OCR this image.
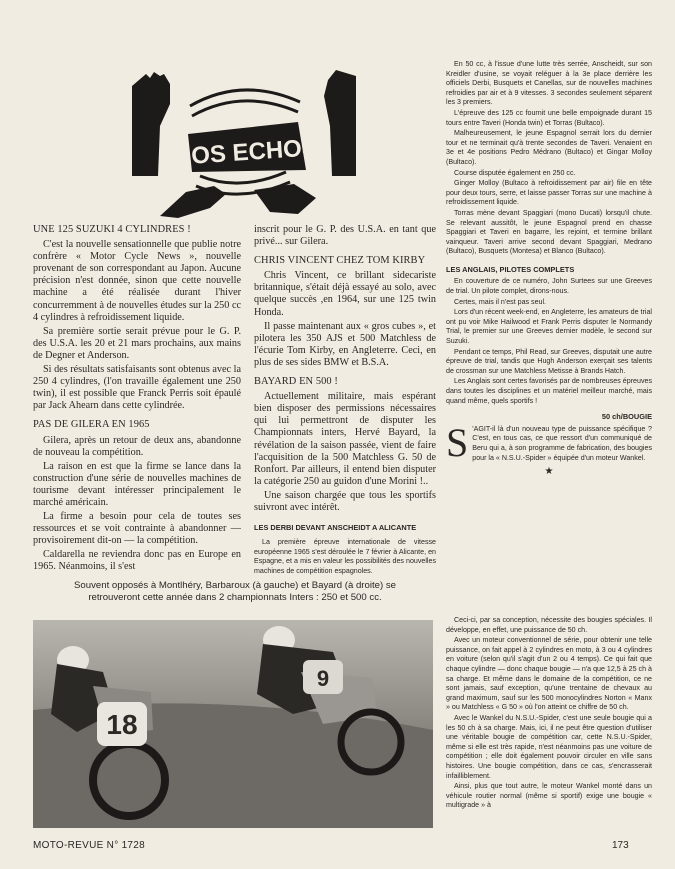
NOS ECHOS
UNE 125 SUZUKI 4 CYLINDRES !

C'est la nouvelle sensationnelle que publie notre confrère « Motor Cycle News », nouvelle provenant de son correspondant au Japon. Aucune précision n'est donnée, sinon que cette nouvelle machine a été réalisée durant l'hiver concurremment à de nouvelles études sur la 250 cc 4 cylindres à refroidissement liquide.

Sa première sortie serait prévue pour le G. P. des U.S.A. les 20 et 21 mars prochains, aux mains de Degner et Anderson.

Si des résultats satisfaisants sont obtenus avec la 250 4 cylindres, (l'on travaille également une 250 twin), il est possible que Franck Perris soit épaulé par Jack Ahearn dans cette cylindrée.

PAS DE GILERA EN 1965

Gilera, après un retour de deux ans, abandonne de nouveau la compétition.

La raison en est que la firme se lance dans la construction d'une série de nouvelles machines de tourisme devant intéresser principalement le marché américain.

La firme a besoin pour cela de toutes ses ressources et se voit contrainte à abandonner — provisoirement dit-on — la compétition.

Caldarella ne reviendra donc pas en Europe en 1965. Néanmoins, il s'est

inscrit pour le G. P. des U.S.A. en tant que privé... sur Gilera.

CHRIS VINCENT CHEZ TOM KIRBY

Chris Vincent, ce brillant sidecariste britannique, s'était déjà essayé au solo, avec quelque succès ,en 1964, sur une 125 twin Honda.

Il passe maintenant aux « gros cubes », et pilotera les 350 AJS et 500 Matchless de l'écurie Tom Kirby, en Angleterre. Ceci, en plus de ses sides BMW et B.S.A.

BAYARD EN 500 !

Actuellement militaire, mais espérant bien disposer des permissions nécessaires qui lui permettront de disputer les Championnats inters, Hervé Bayard, la révélation de la saison passée, vient de faire l'acquisition de la 500 Matchless G. 50 de Ronfort. Par ailleurs, il entend bien disputer la catégorie 250 au guidon d'une Morini !..

Une saison chargée que tous les sportifs suivront avec intérêt.

LES DERBI DEVANT ANSCHEIDT A ALICANTE

La première épreuve internationale de vitesse européenne 1965 s'est déroulée le 7 février à Alicante, en Espagne, et a mis en valeur les possibilités des nouvelles machines de compétition espagnoles.

En 50 cc, à l'issue d'une lutte très serrée, Anscheidt, sur son Kreidler d'usine, se voyait reléguer à la 3e place derrière les officiels Derbi, Busquets et Canellas, sur de nouvelles machines refroidies par air et à 9 vitesses. 3 secondes seulement séparent les 3 premiers.

L'épreuve des 125 cc fournit une belle empoignade durant 15 tours entre Taveri (Honda twin) et Torras (Bultaco).

Malheureusement, le jeune Espagnol serrait lors du dernier tour et ne terminait qu'à trente secondes de Taveri. Venaient en 3e et 4e positions Pedro Médrano (Bultaco) et Gingar Molloy (Bultaco).

Course disputée également en 250 cc.

Ginger Molloy (Bultaco à refroidissement par air) file en tête pour deux tours, serre, et laisse passer Torras sur une machine à refroidissement liquide.

Torras mène devant Spaggiari (mono Ducati) lorsqu'il chute. Se relevant aussitôt, le jeune Espagnol prend en chasse Spaggiari et Taveri en bagarre, les rejoint, et termine brillant vainqueur. Taveri arrive second devant Spaggiari, Medrano (Bultaco), Busquets (Montesa) et Blanco (Bultaco).

LES ANGLAIS, PILOTES COMPLETS

En couverture de ce numéro, John Surtees sur une Greeves de trial. Un pilote complet, dirons-nous.

Certes, mais il n'est pas seul.

Lors d'un récent week-end, en Angleterre, les amateurs de trial ont pu voir Mike Hailwood et Frank Perris disputer le Normandy Trial, le premier sur une Greeves dernier modèle, le second sur Suzuki.

Pendant ce temps, Phil Read, sur Greeves, disputait une autre épreuve de trial, tandis que Hugh Anderson exerçait ses talents de crossman sur une Matchless Metisse à Brands Hatch.

Les Anglais sont certes favorisés par de nombreuses épreuves dans toutes les disciplines et un matériel meilleur marché, mais quand même, quels sportifs !

50 ch/BOUGIE
S 'AGIT-il là d'un nouveau type de puissance spécifique ? C'est, en tous cas, ce que ressort d'un communiqué de Beru qui a, à son programme de fabrication, des bougies pour la « N.S.U.-Spider » équipée d'un moteur Wankel.

★

Ceci-ci, par sa conception, nécessite des bougies spéciales. Il développe, en effet, une puissance de 50 ch.

Avec un moteur conventionnel de série, pour obtenir une telle puissance, on fait appel à 2 cylindres en moto, à 3 ou 4 cylindres en voiture (selon qu'il s'agit d'un 2 ou 4 temps). Ce qui fait que chaque cylindre — donc chaque bougie — n'a que 12,5 à 25 ch à sa charge. Et même dans le domaine de la compétition, ce ne sont jamais, sauf exception, qu'une trentaine de chevaux au grand maximum, sauf sur les 500 monocylindres Norton « Manx » ou Matchless « G 50 » où l'on atteint ce chiffre de 50 ch.

Avec le Wankel du N.S.U.-Spider, c'est une seule bougie qui a les 50 ch à sa charge. Mais, ici, il ne peut être question d'utiliser une véritable bougie de compétition car, cette N.S.U.-Spider, même si elle est très rapide, n'est néanmoins pas une voiture de compétition ; elle doit également pouvoir circuler en ville sans histoires. Une bougie compétition, dans ce cas, s'encrasserait infailliblement.

Ainsi, plus que tout autre, le moteur Wankel monté dans un véhicule routier normal (même si sportif) exige une bougie « multigrade » à

Souvent opposés à Montlhéry, Barbaroux (à gauche) et Bayard (à droite) se retrouveront cette année dans 2 championnats Inters : 250 et 500 cc.
18
9
MOTO-REVUE N° 1728	173
